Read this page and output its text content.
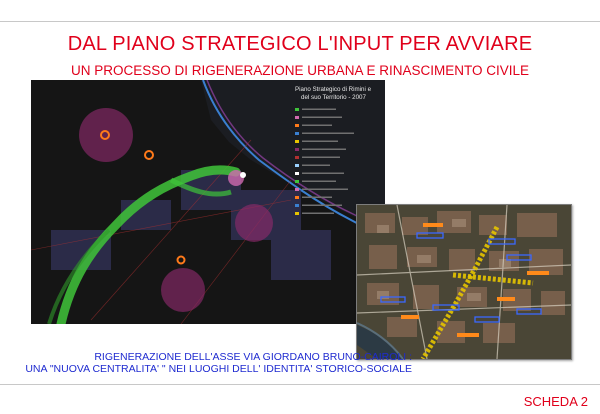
DAL PIANO STRATEGICO L'INPUT PER AVVIARE
UN PROCESSO DI RIGENERAZIONE URBANA E RINASCIMENTO CIVILE
Piano Strategico di Rimini e
del suo Territorio - 2007
RIGENERAZIONE DELL'ASSE VIA GIORDANO BRUNO-CAIROLI :
UNA "NUOVA CENTRALITA' " NEI LUOGHI DELL' IDENTITA' STORICO-SOCIALE
SCHEDA 2
